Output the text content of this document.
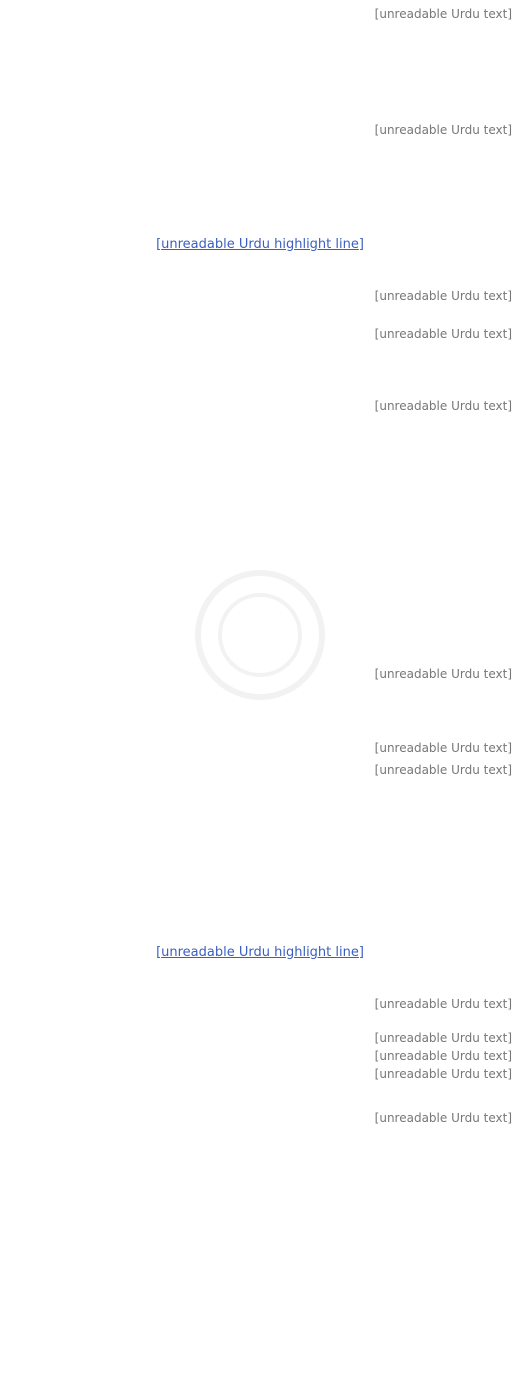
[unreadable Urdu text]

[unreadable Urdu text]

[unreadable Urdu highlight line]

[unreadable Urdu text]

[unreadable Urdu text]

[unreadable Urdu text]

[unreadable Urdu text]

[unreadable Urdu text]

[unreadable Urdu text]

[unreadable Urdu highlight line]

[unreadable Urdu text]

[unreadable Urdu text]

[unreadable Urdu text]

[unreadable Urdu text]

[unreadable Urdu text]
